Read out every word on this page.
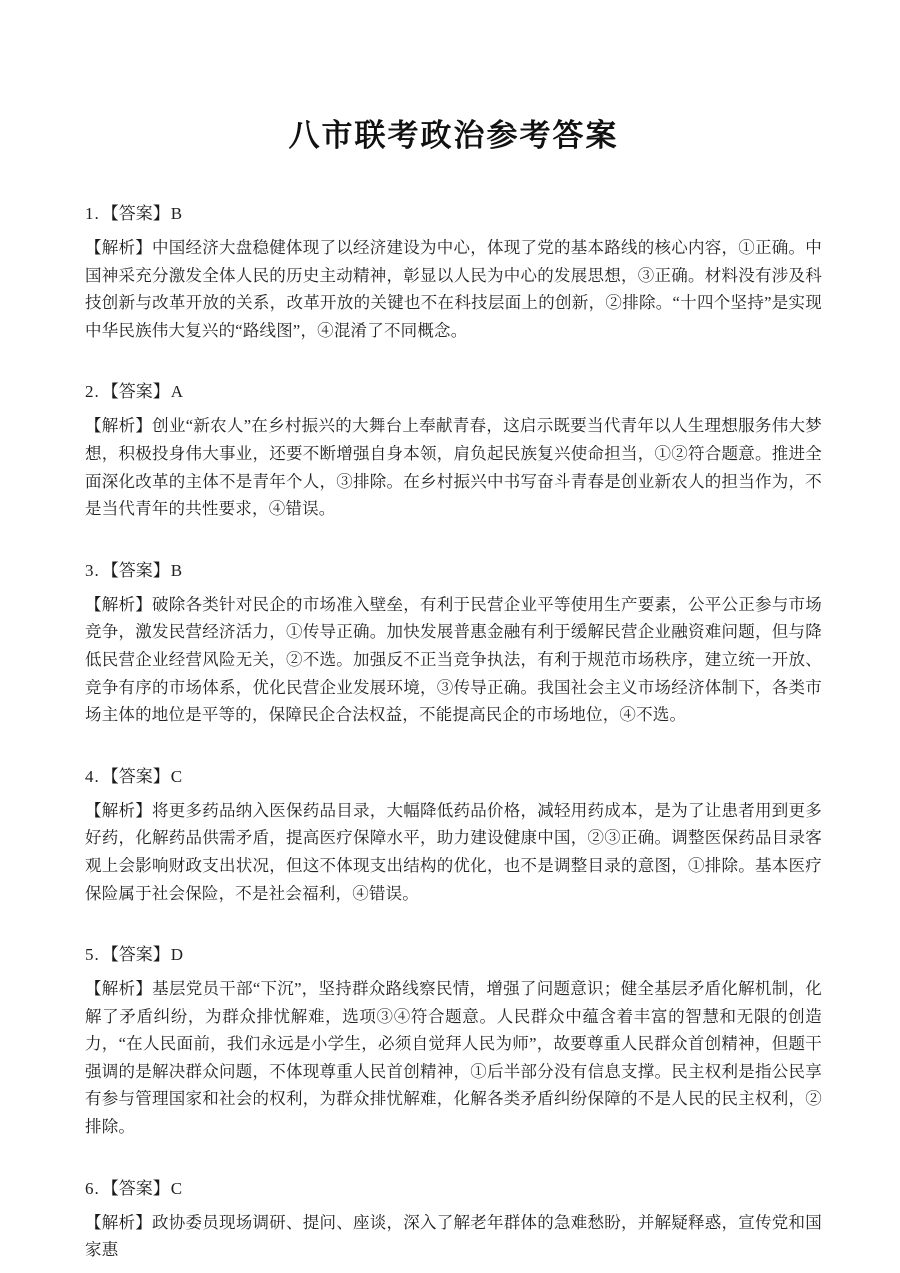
八市联考政治参考答案

1. 【答案】B

【解析】中国经济大盘稳健体现了以经济建设为中心，体现了党的基本路线的核心内容，①正确。中国神采充分激发全体人民的历史主动精神，彰显以人民为中心的发展思想，③正确。材料没有涉及科技创新与改革开放的关系，改革开放的关键也不在科技层面上的创新，②排除。“十四个坚持”是实现中华民族伟大复兴的“路线图”，④混淆了不同概念。

2. 【答案】A

【解析】创业“新农人”在乡村振兴的大舞台上奉献青春，这启示既要当代青年以人生理想服务伟大梦想，积极投身伟大事业，还要不断增强自身本领，肩负起民族复兴使命担当，①②符合题意。推进全面深化改革的主体不是青年个人，③排除。在乡村振兴中书写奋斗青春是创业新农人的担当作为，不是当代青年的共性要求，④错误。

3. 【答案】B

【解析】破除各类针对民企的市场准入壁垒，有利于民营企业平等使用生产要素，公平公正参与市场竞争，激发民营经济活力，①传导正确。加快发展普惠金融有利于缓解民营企业融资难问题，但与降低民营企业经营风险无关，②不选。加强反不正当竞争执法，有利于规范市场秩序，建立统一开放、竞争有序的市场体系，优化民营企业发展环境，③传导正确。我国社会主义市场经济体制下，各类市场主体的地位是平等的，保障民企合法权益，不能提高民企的市场地位，④不选。

4. 【答案】C

【解析】将更多药品纳入医保药品目录，大幅降低药品价格，减轻用药成本，是为了让患者用到更多好药，化解药品供需矛盾，提高医疗保障水平，助力建设健康中国，②③正确。调整医保药品目录客观上会影响财政支出状况，但这不体现支出结构的优化，也不是调整目录的意图，①排除。基本医疗保险属于社会保险，不是社会福利，④错误。

5. 【答案】D

【解析】基层党员干部“下沉”，坚持群众路线察民情，增强了问题意识；健全基层矛盾化解机制，化解了矛盾纠纷，为群众排忧解难，选项③④符合题意。人民群众中蕴含着丰富的智慧和无限的创造力，“在人民面前，我们永远是小学生，必须自觉拜人民为师”，故要尊重人民群众首创精神，但题干强调的是解决群众问题，不体现尊重人民首创精神，①后半部分没有信息支撑。民主权利是指公民享有参与管理国家和社会的权利，为群众排忧解难，化解各类矛盾纠纷保障的不是人民的民主权利，②排除。

6. 【答案】C

【解析】政协委员现场调研、提问、座谈，深入了解老年群体的急难愁盼，并解疑释惑，宣传党和国家惠
